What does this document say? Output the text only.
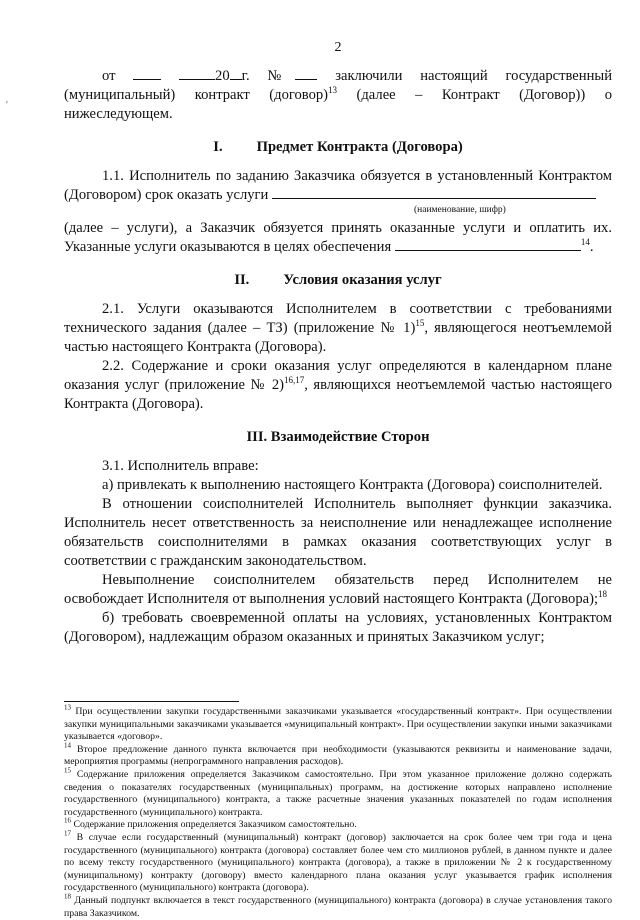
'
2

от	20 г. №	заключили настоящий государственный (муниципальный) контракт (договор)$^{13}$ (далее – Контракт (Договор)) о нижеследующем.

I. Предмет Контракта (Договора)

1.1. Исполнитель по заданию Заказчика обязуется в установленный Контрактом (Договором) срок оказать услуги

(наименование, шифр)

(далее – услуги), а Заказчик обязуется принять оказанные услуги и оплатить их. Указанные услуги оказываются в целях обеспечения	$^{14}$.

II. Условия оказания услуг

2.1. Услуги оказываются Исполнителем в соответствии с требованиями технического задания (далее – ТЗ) (приложение № 1)$^{15}$, являющегося неотъемлемой частью настоящего Контракта (Договора).

2.2. Содержание и сроки оказания услуг определяются в календарном плане оказания услуг (приложение № 2)$^{16,17}$, являющихся неотъемлемой частью настоящего Контракта (Договора).

III. Взаимодействие Сторон

3.1. Исполнитель вправе:

а) привлекать к выполнению настоящего Контракта (Договора) соисполнителей.

В отношении соисполнителей Исполнитель выполняет функции заказчика. Исполнитель несет ответственность за неисполнение или ненадлежащее исполнение обязательств соисполнителями в рамках оказания соответствующих услуг в соответствии с гражданским законодательством.

Невыполнение соисполнителем обязательств перед Исполнителем не освобождает Исполнителя от выполнения условий настоящего Контракта (Договора);$^{18}$

б) требовать своевременной оплаты на условиях, установленных Контрактом (Договором), надлежащим образом оказанных и принятых Заказчиком услуг;

$^{13}$ При осуществлении закупки государственными заказчиками указывается «государственный контракт». При осуществлении закупки муниципальными заказчиками указывается «муниципальный контракт». При осуществлении закупки иными заказчиками указывается «договор».

$^{14}$ Второе предложение данного пункта включается при необходимости (указываются реквизиты и наименование задачи, мероприятия программы (непрограммного направления расходов).

$^{15}$ Содержание приложения определяется Заказчиком самостоятельно. При этом указанное приложение должно содержать сведения о показателях государственных (муниципальных) программ, на достижение которых направлено исполнение государственного (муниципального) контракта, а также расчетные значения указанных показателей по годам исполнения государственного (муниципального) контракта.

$^{16}$ Содержание приложения определяется Заказчиком самостоятельно.

$^{17}$ В случае если государственный (муниципальный) контракт (договор) заключается на срок более чем три года и цена государственного (муниципального) контракта (договора) составляет более чем сто миллионов рублей, в данном пункте и далее по всему тексту государственного (муниципального) контракта (договора), а также в приложении № 2 к государственному (муниципальному) контракту (договору) вместо календарного плана оказания услуг указывается график исполнения государственного (муниципального) контракта (договора).

$^{18}$ Данный подпункт включается в текст государственного (муниципального) контракта (договора) в случае установления такого права Заказчиком.
